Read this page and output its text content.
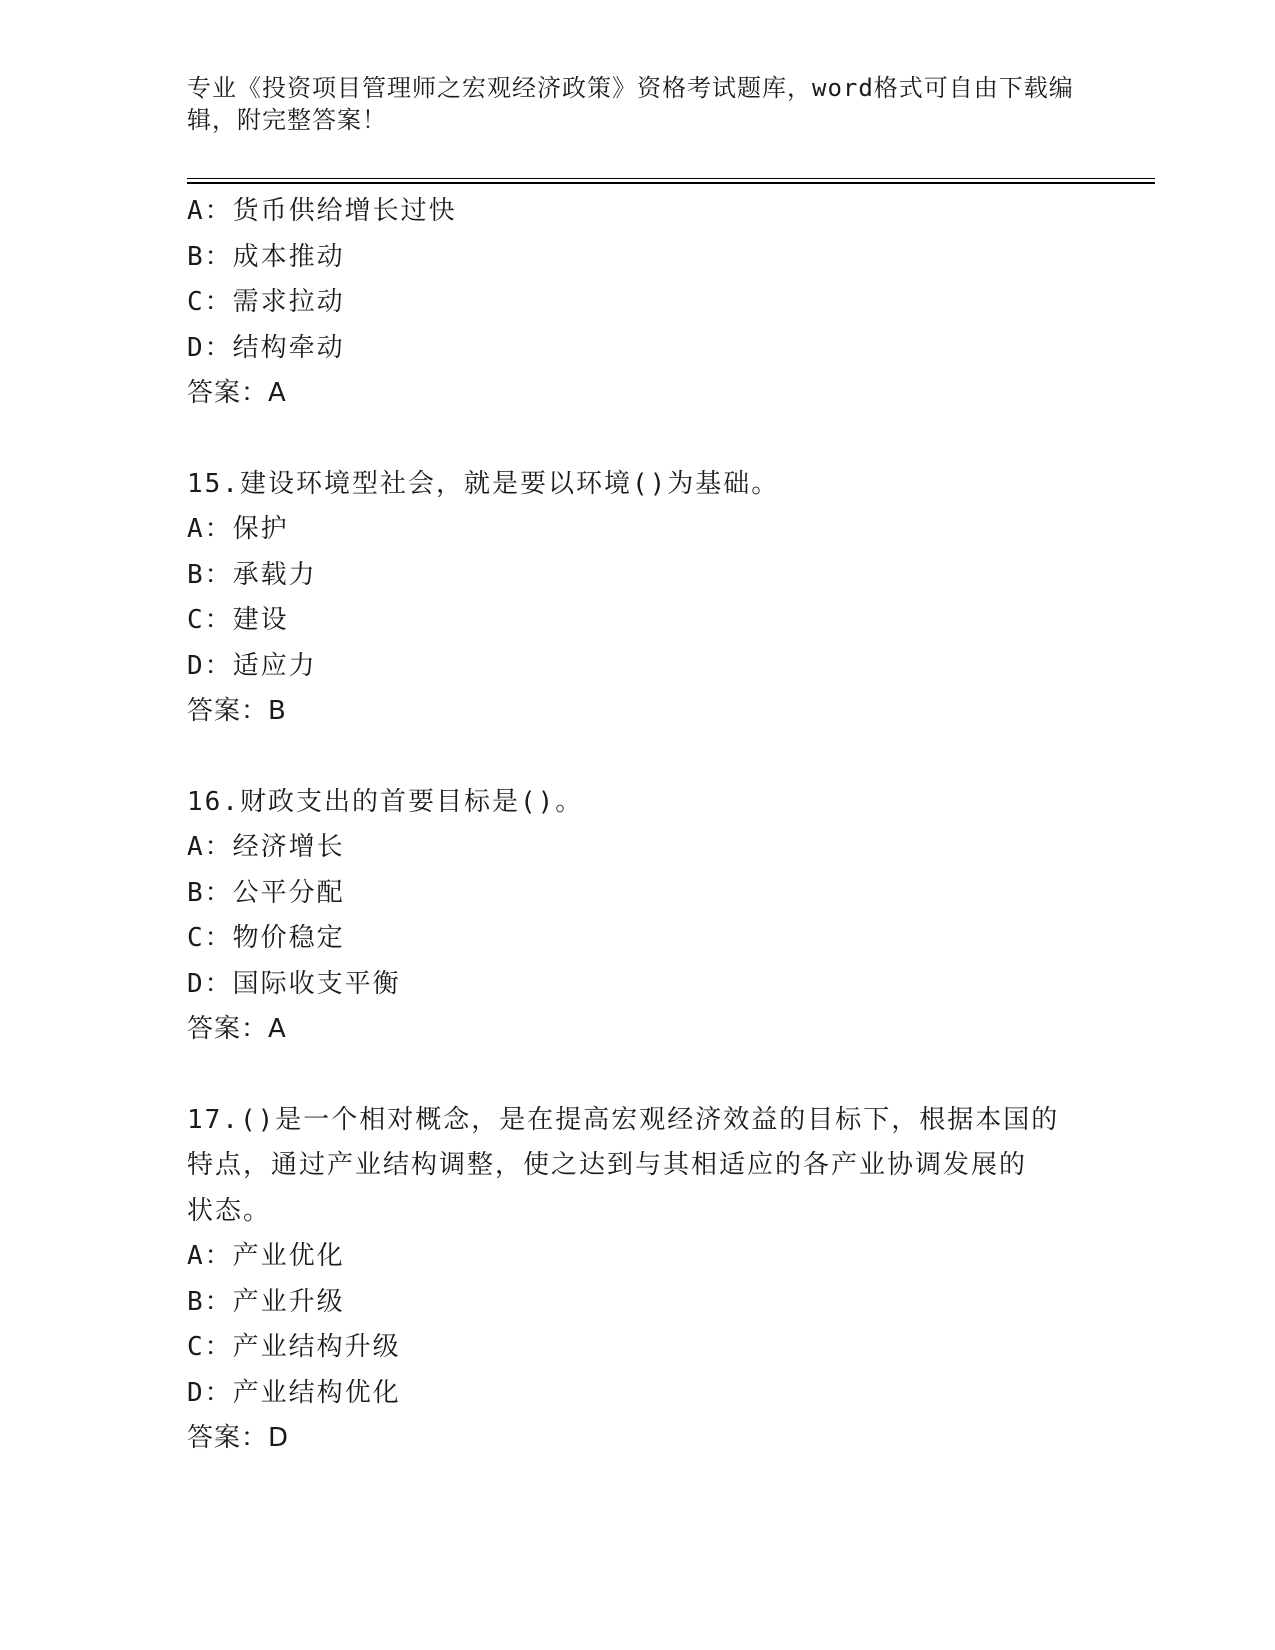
专业《投资项目管理师之宏观经济政策》资格考试题库，word格式可自由下载编辑，附完整答案！

A：货币供给增长过快

B：成本推动

C：需求拉动

D：结构牵动

答案：A

15.建设环境型社会，就是要以环境()为基础。

A：保护

B：承载力

C：建设

D：适应力

答案：B

16.财政支出的首要目标是()。

A：经济增长

B：公平分配

C：物价稳定

D：国际收支平衡

答案：A

17.()是一个相对概念，是在提高宏观经济效益的目标下，根据本国的

特点，通过产业结构调整，使之达到与其相适应的各产业协调发展的

状态。

A：产业优化

B：产业升级

C：产业结构升级

D：产业结构优化

答案：D
